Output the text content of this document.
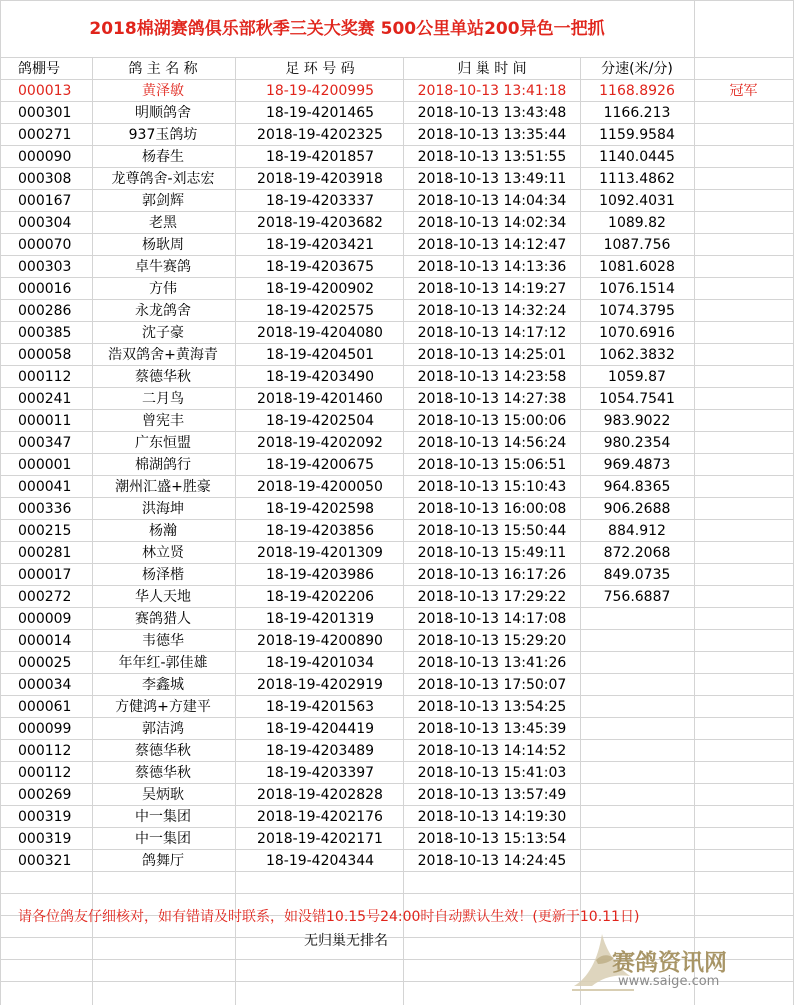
2018棉湖赛鸽俱乐部秋季三关大奖赛 500公里单站200异色一把抓
鸽棚号	鸽 主 名 称	足 环 号 码	归 巢 时 间	分速(米/分)
000013	黄泽敏	18-19-4200995	2018-10-13 13:41:18	1168.8926	冠军
000301	明顺鸽舍	18-19-4201465	2018-10-13 13:43:48	1166.213
000271	937玉鸽坊	2018-19-4202325	2018-10-13 13:35:44	1159.9584
000090	杨春生	18-19-4201857	2018-10-13 13:51:55	1140.0445
000308	龙尊鸽舍-刘志宏	2018-19-4203918	2018-10-13 13:49:11	1113.4862
000167	郭剑辉	18-19-4203337	2018-10-13 14:04:34	1092.4031
000304	老黑	2018-19-4203682	2018-10-13 14:02:34	1089.82
000070	杨耿周	18-19-4203421	2018-10-13 14:12:47	1087.756
000303	卓牛赛鸽	18-19-4203675	2018-10-13 14:13:36	1081.6028
000016	方伟	18-19-4200902	2018-10-13 14:19:27	1076.1514
000286	永龙鸽舍	18-19-4202575	2018-10-13 14:32:24	1074.3795
000385	沈子豪	2018-19-4204080	2018-10-13 14:17:12	1070.6916
000058	浩双鸽舍+黄海青	18-19-4204501	2018-10-13 14:25:01	1062.3832
000112	蔡德华秋	18-19-4203490	2018-10-13 14:23:58	1059.87
000241	二月鸟	2018-19-4201460	2018-10-13 14:27:38	1054.7541
000011	曾宪丰	18-19-4202504	2018-10-13 15:00:06	983.9022
000347	广东恒盟	2018-19-4202092	2018-10-13 14:56:24	980.2354
000001	棉湖鸽行	18-19-4200675	2018-10-13 15:06:51	969.4873
000041	潮州汇盛+胜豪	2018-19-4200050	2018-10-13 15:10:43	964.8365
000336	洪海坤	18-19-4202598	2018-10-13 16:00:08	906.2688
000215	杨瀚	18-19-4203856	2018-10-13 15:50:44	884.912
000281	林立贤	2018-19-4201309	2018-10-13 15:49:11	872.2068
000017	杨泽楷	18-19-4203986	2018-10-13 16:17:26	849.0735
000272	华人天地	18-19-4202206	2018-10-13 17:29:22	756.6887
000009	赛鸽猎人	18-19-4201319	2018-10-13 14:17:08
000014	韦德华	2018-19-4200890	2018-10-13 15:29:20
000025	年年红-郭佳雄	18-19-4201034	2018-10-13 13:41:26
000034	李鑫城	2018-19-4202919	2018-10-13 17:50:07
000061	方健鸿+方建平	18-19-4201563	2018-10-13 13:54:25
000099	郭洁鸿	18-19-4204419	2018-10-13 13:45:39
000112	蔡德华秋	18-19-4203489	2018-10-13 14:14:52
000112	蔡德华秋	18-19-4203397	2018-10-13 15:41:03
000269	吴炳耿	2018-19-4202828	2018-10-13 13:57:49
000319	中一集团	2018-19-4202176	2018-10-13 14:19:30
000319	中一集团	2018-19-4202171	2018-10-13 15:13:54
000321	鸽舞厅	18-19-4204344	2018-10-13 14:24:45
请各位鸽友仔细核对，如有错请及时联系，如没错10.15号24:00时自动默认生效！(更新于10.11日)
无归巢无排名
赛鸽资讯网
www.saige.com
